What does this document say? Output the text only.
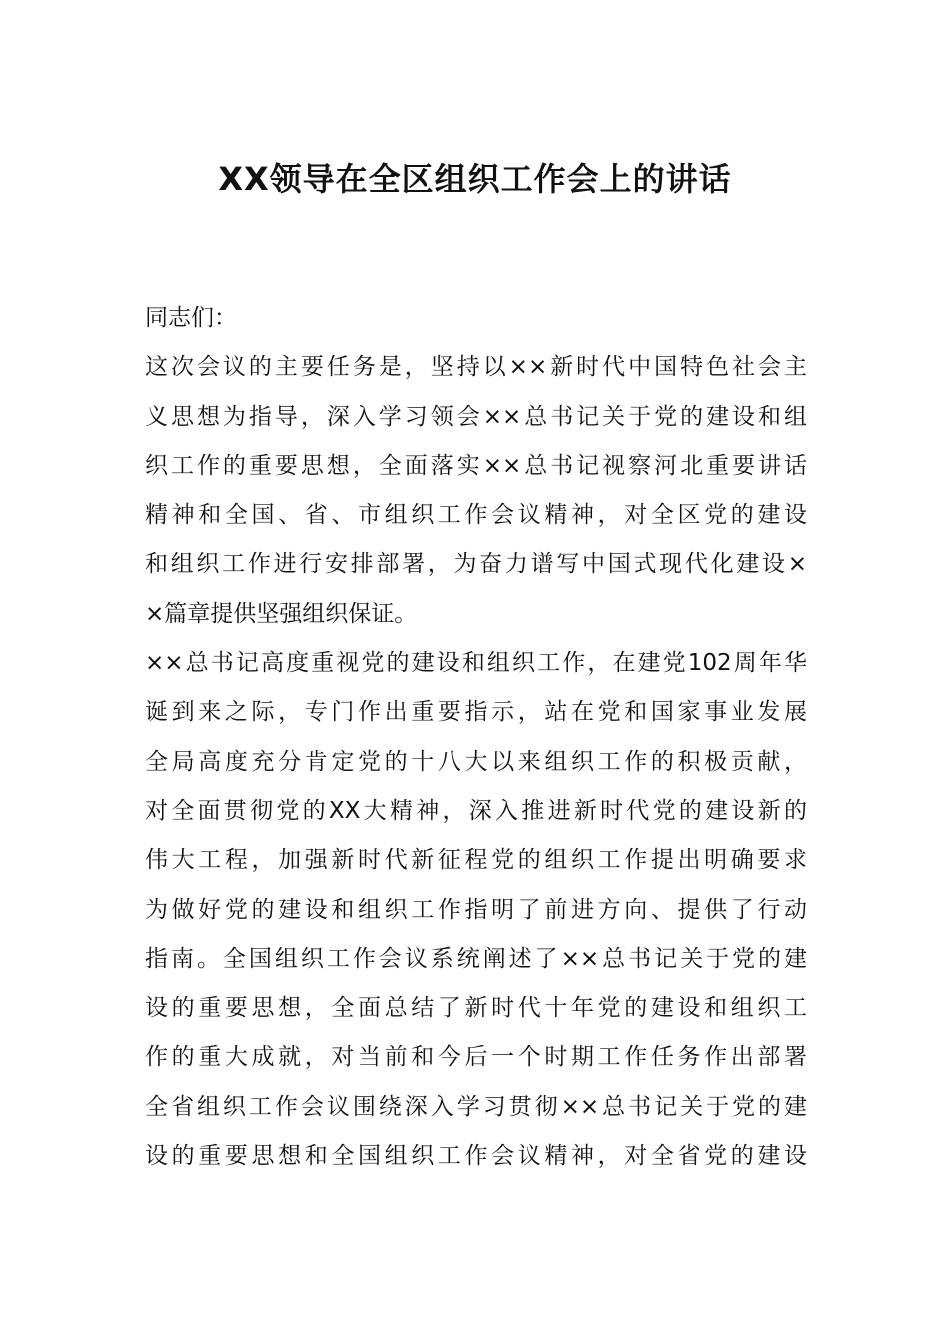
XX领导在全区组织工作会上的讲话
同志们：
这次会议的主要任务是，坚持以××新时代中国特色社会主
义思想为指导，深入学习领会××总书记关于党的建设和组
织工作的重要思想，全面落实××总书记视察河北重要讲话
精神和全国、省、市组织工作会议精神，对全区党的建设
和组织工作进行安排部署，为奋力谱写中国式现代化建设×
×篇章提供坚强组织保证。
××总书记高度重视党的建设和组织工作，在建党102周年华
诞到来之际，专门作出重要指示，站在党和国家事业发展
全局高度充分肯定党的十八大以来组织工作的积极贡献，
对全面贯彻党的XX大精神，深入推进新时代党的建设新的
伟大工程，加强新时代新征程党的组织工作提出明确要求
为做好党的建设和组织工作指明了前进方向、提供了行动
指南。全国组织工作会议系统阐述了××总书记关于党的建
设的重要思想，全面总结了新时代十年党的建设和组织工
作的重大成就，对当前和今后一个时期工作任务作出部署
全省组织工作会议围绕深入学习贯彻××总书记关于党的建
设的重要思想和全国组织工作会议精神，对全省党的建设
